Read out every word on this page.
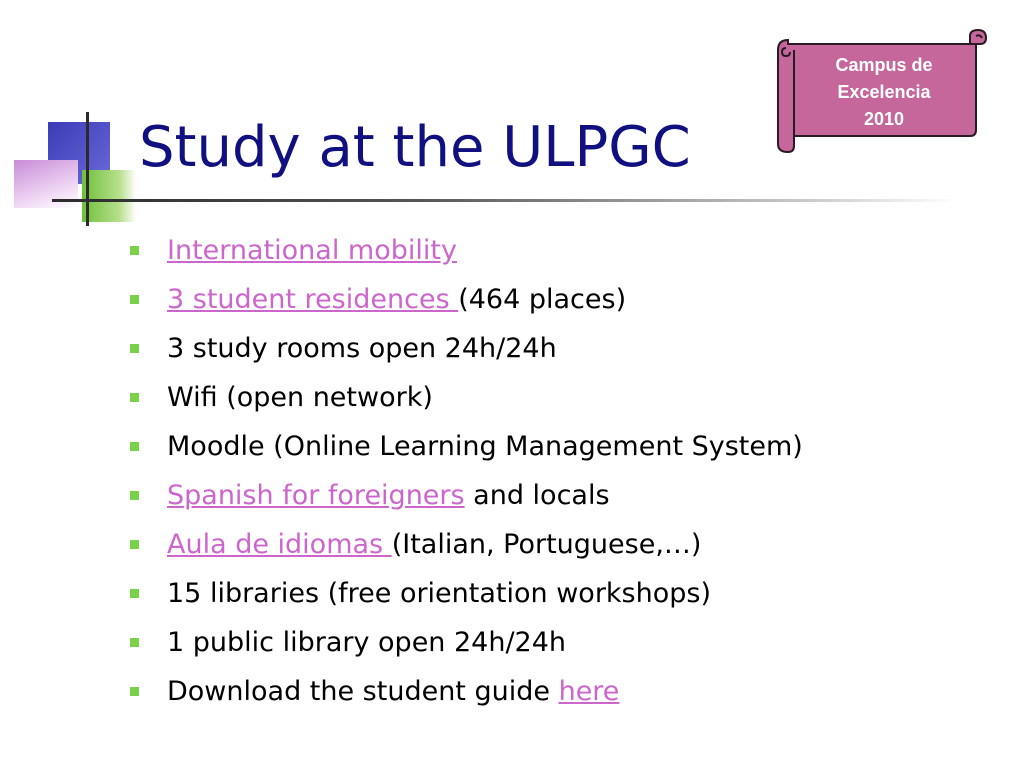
Study at the ULPGC
Campus de
Excelencia
2010
International mobility
3 student residences (464 places)
3 study rooms open 24h/24h
Wifi (open network)
Moodle (Online Learning Management System)
Spanish for foreigners and locals
Aula de idiomas (Italian, Portuguese,…)
15 libraries (free orientation workshops)
1 public library open 24h/24h
Download the student guide here
